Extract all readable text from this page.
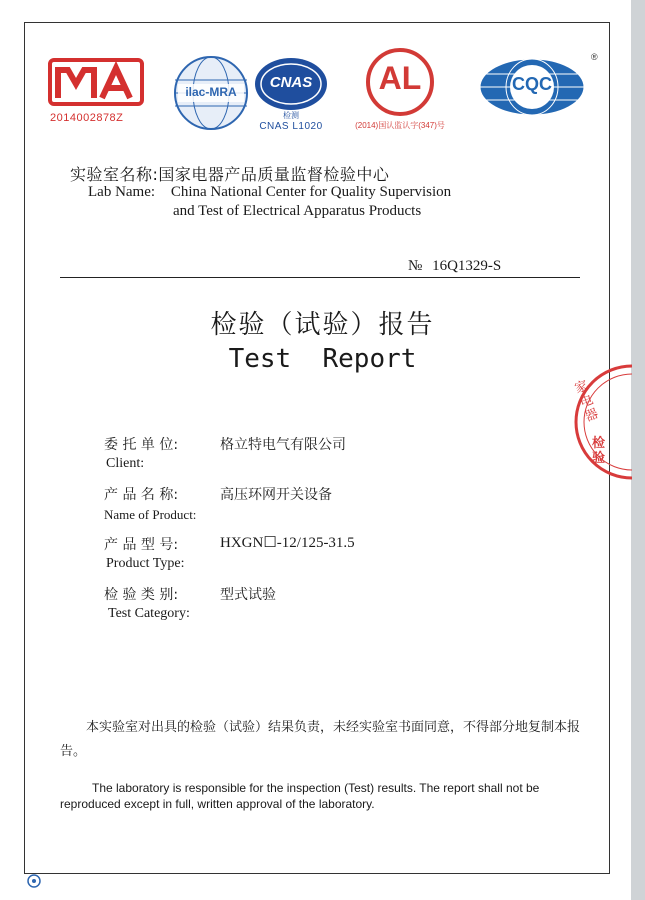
2014002878Z
ilac-MRA
CNAS
检测
CNAS L1020
AL
(2014)国认监认字(347)号
CQC
®
实验室名称:国家电器产品质量监督检验中心
Lab Name: China National Center for Quality Supervision
and Test of Electrical Apparatus Products
№ 16Q1329-S
检验（试验）报告
Test  Report
委 托 单 位:	格立特电气有限公司
Client:
产 品 名 称:	高压环网开关设备
Name of Product:
产 品 型 号:	HXGN☐-12/125-31.5
Product Type:
检 验 类 别:	型式试验
Test Category:
本实验室对出具的检验（试验）结果负责，未经实验室书面同意，不得部分地复制本报告。
The laboratory is responsible for the inspection (Test) results. The report shall not be reproduced except in full, written approval of the laboratory.
家电器
检验
